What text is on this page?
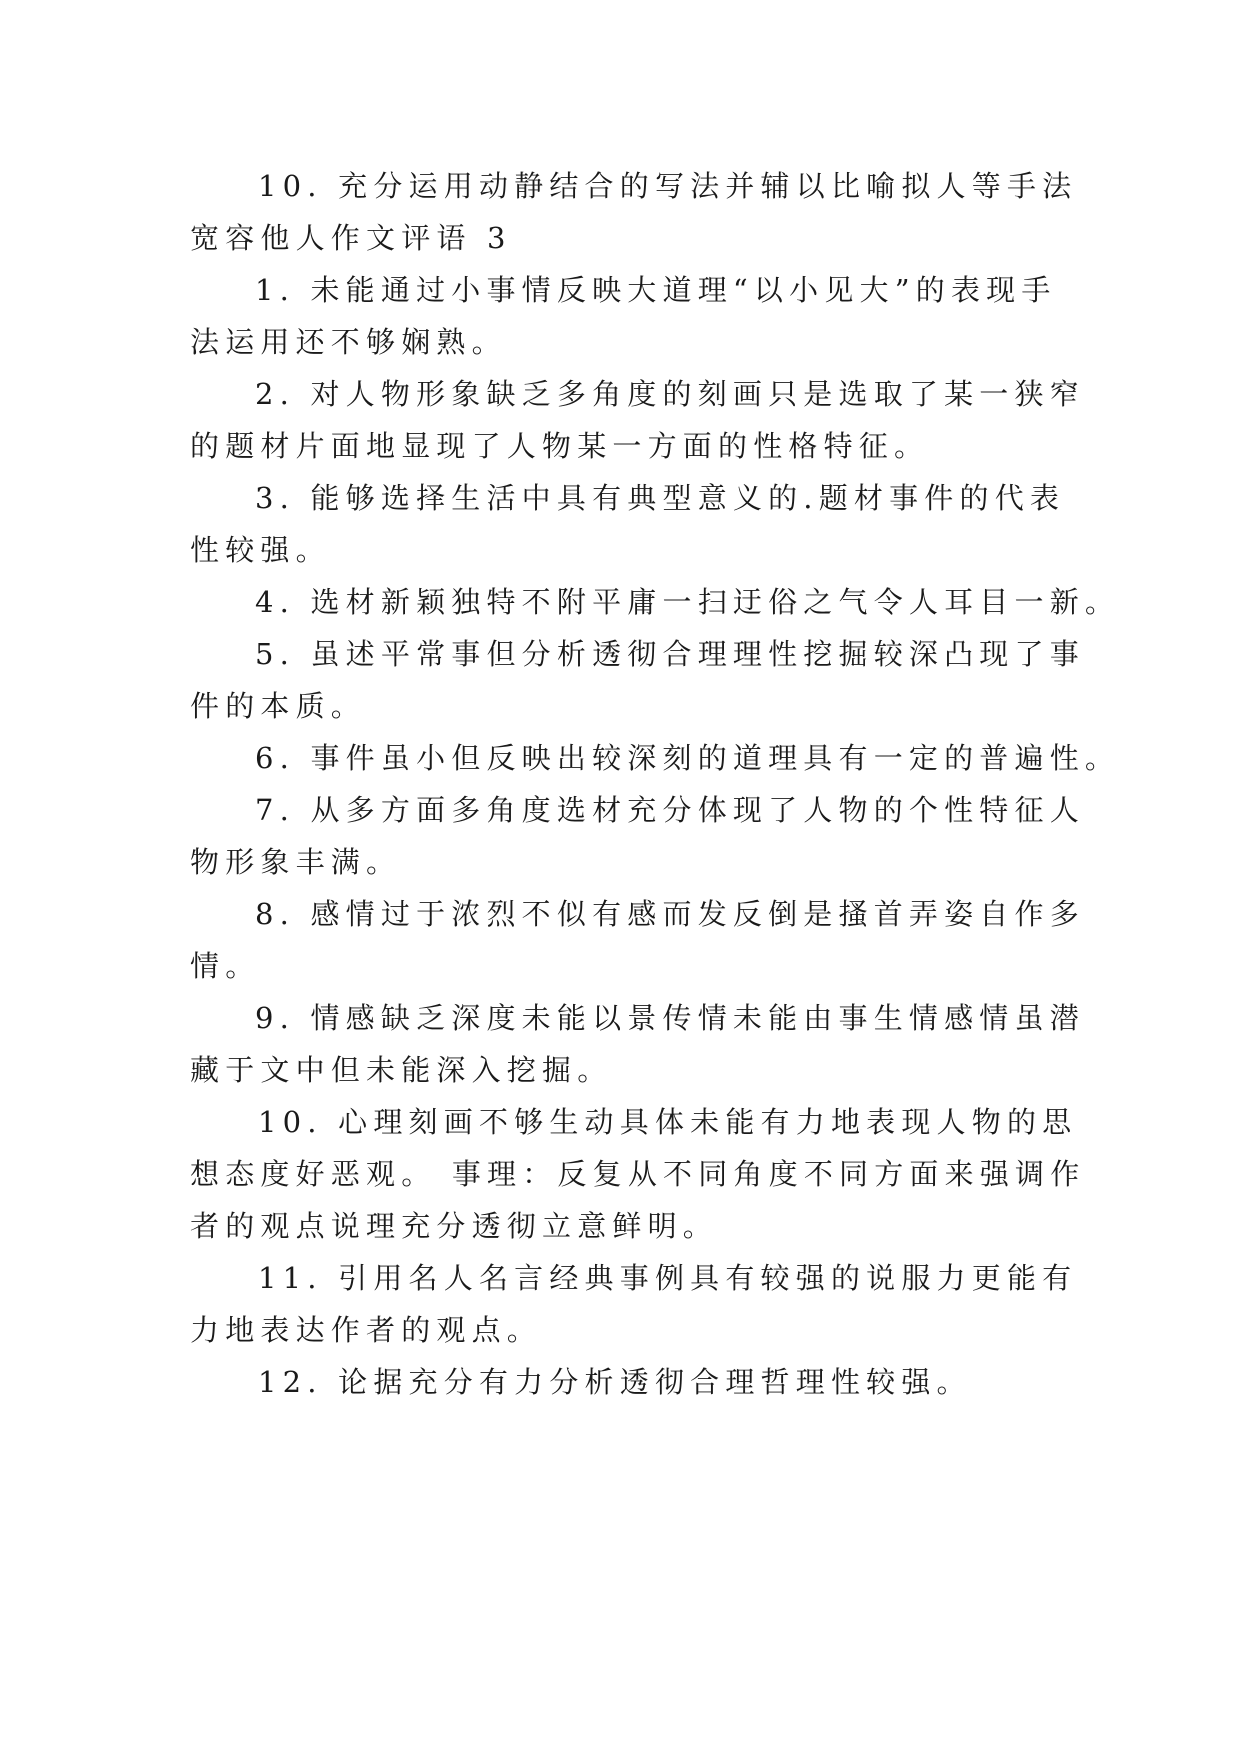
10. 充分运用动静结合的写法并辅以比喻拟人等手法
宽容他人作文评语 3
1. 未能通过小事情反映大道理“以小见大”的表现手
法运用还不够娴熟。
2. 对人物形象缺乏多角度的刻画只是选取了某一狭窄
的题材片面地显现了人物某一方面的性格特征。
3. 能够选择生活中具有典型意义的.题材事件的代表
性较强。
4. 选材新颖独特不附平庸一扫迂俗之气令人耳目一新。
5. 虽述平常事但分析透彻合理理性挖掘较深凸现了事
件的本质。
6. 事件虽小但反映出较深刻的道理具有一定的普遍性。
7. 从多方面多角度选材充分体现了人物的个性特征人
物形象丰满。
8. 感情过于浓烈不似有感而发反倒是搔首弄姿自作多
情。
9. 情感缺乏深度未能以景传情未能由事生情感情虽潜
藏于文中但未能深入挖掘。
10. 心理刻画不够生动具体未能有力地表现人物的思
想态度好恶观。 事理：反复从不同角度不同方面来强调作
者的观点说理充分透彻立意鲜明。
11. 引用名人名言经典事例具有较强的说服力更能有
力地表达作者的观点。
12. 论据充分有力分析透彻合理哲理性较强。
